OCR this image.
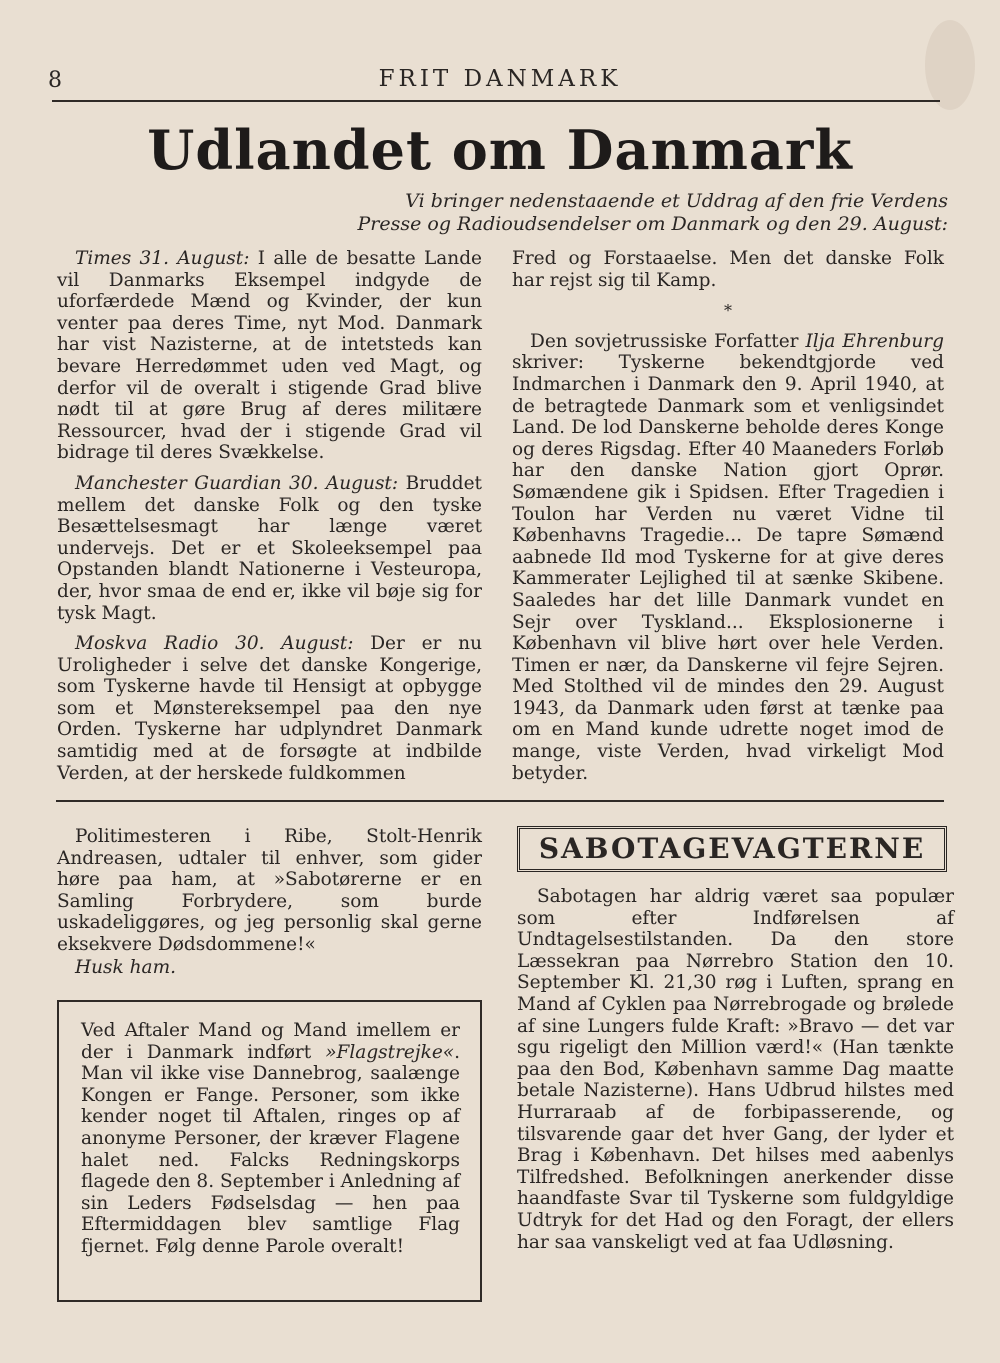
8	FRIT DANMARK
Udlandet om Danmark
Vi bringer nedenstaaende et Uddrag af den frie Verdens
Presse og Radioudsendelser om Danmark og den 29. August:

Times 31. August: I alle de besatte Lande vil Danmarks Eksempel indgyde de uforfærdede Mænd og Kvinder, der kun venter paa deres Time, nyt Mod. Danmark har vist Nazisterne, at de intetsteds kan bevare Herredømmet uden ved Magt, og derfor vil de overalt i stigende Grad blive nødt til at gøre Brug af deres militære Ressourcer, hvad der i stigende Grad vil bidrage til deres Svækkelse.

Manchester Guardian 30. August: Bruddet mellem det danske Folk og den tyske Besættelsesmagt har længe været undervejs. Det er et Skoleeksempel paa Opstanden blandt Nationerne i Vesteuropa, der, hvor smaa de end er, ikke vil bøje sig for tysk Magt.

Moskva Radio 30. August: Der er nu Uroligheder i selve det danske Kongerige, som Tyskerne havde til Hensigt at opbygge som et Mønstereksempel paa den nye Orden. Tyskerne har udplyndret Danmark samtidig med at de forsøgte at indbilde Verden, at der herskede fuldkommen

Fred og Forstaaelse. Men det danske Folk har rejst sig til Kamp.

*

Den sovjetrussiske Forfatter Ilja Ehrenburg skriver: Tyskerne bekendtgjorde ved Indmarchen i Danmark den 9. April 1940, at de betragtede Danmark som et venligsindet Land. De lod Danskerne beholde deres Konge og deres Rigsdag. Efter 40 Maaneders Forløb har den danske Nation gjort Oprør. Sømændene gik i Spidsen. Efter Tragedien i Toulon har Verden nu været Vidne til Københavns Tragedie... De tapre Sømænd aabnede Ild mod Tyskerne for at give deres Kammerater Lejlighed til at sænke Skibene. Saaledes har det lille Danmark vundet en Sejr over Tyskland... Eksplosionerne i København vil blive hørt over hele Verden. Timen er nær, da Danskerne vil fejre Sejren. Med Stolthed vil de mindes den 29. August 1943, da Danmark uden først at tænke paa om en Mand kunde udrette noget imod de mange, viste Verden, hvad virkeligt Mod betyder.

Politimesteren i Ribe, Stolt-Henrik Andreasen, udtaler til enhver, som gider høre paa ham, at »Sabotørerne er en Samling Forbrydere, som burde uskadeliggøres, og jeg personlig skal gerne eksekvere Dødsdommene!«

Husk ham.

Ved Aftaler Mand og Mand imellem er der i Danmark indført »Flagstrejke«. Man vil ikke vise Dannebrog, saalænge Kongen er Fange. Personer, som ikke kender noget til Aftalen, ringes op af anonyme Personer, der kræver Flagene halet ned. Falcks Redningskorps flagede den 8. September i Anledning af sin Leders Fødselsdag — hen paa Eftermiddagen blev samtlige Flag fjernet. Følg denne Parole overalt!

SABOTAGEVAGTERNE

Sabotagen har aldrig været saa populær som efter Indførelsen af Undtagelsestilstanden. Da den store Læssekran paa Nørrebro Station den 10. September Kl. 21,30 røg i Luften, sprang en Mand af Cyklen paa Nørrebrogade og brølede af sine Lungers fulde Kraft: »Bravo — det var sgu rigeligt den Million værd!« (Han tænkte paa den Bod, København samme Dag maatte betale Nazisterne). Hans Udbrud hilstes med Hurraraab af de forbipasserende, og tilsvarende gaar det hver Gang, der lyder et Brag i København. Det hilses med aabenlys Tilfredshed. Befolkningen anerkender disse haandfaste Svar til Tyskerne som fuldgyldige Udtryk for det Had og den Foragt, der ellers har saa vanskeligt ved at faa Udløsning.
